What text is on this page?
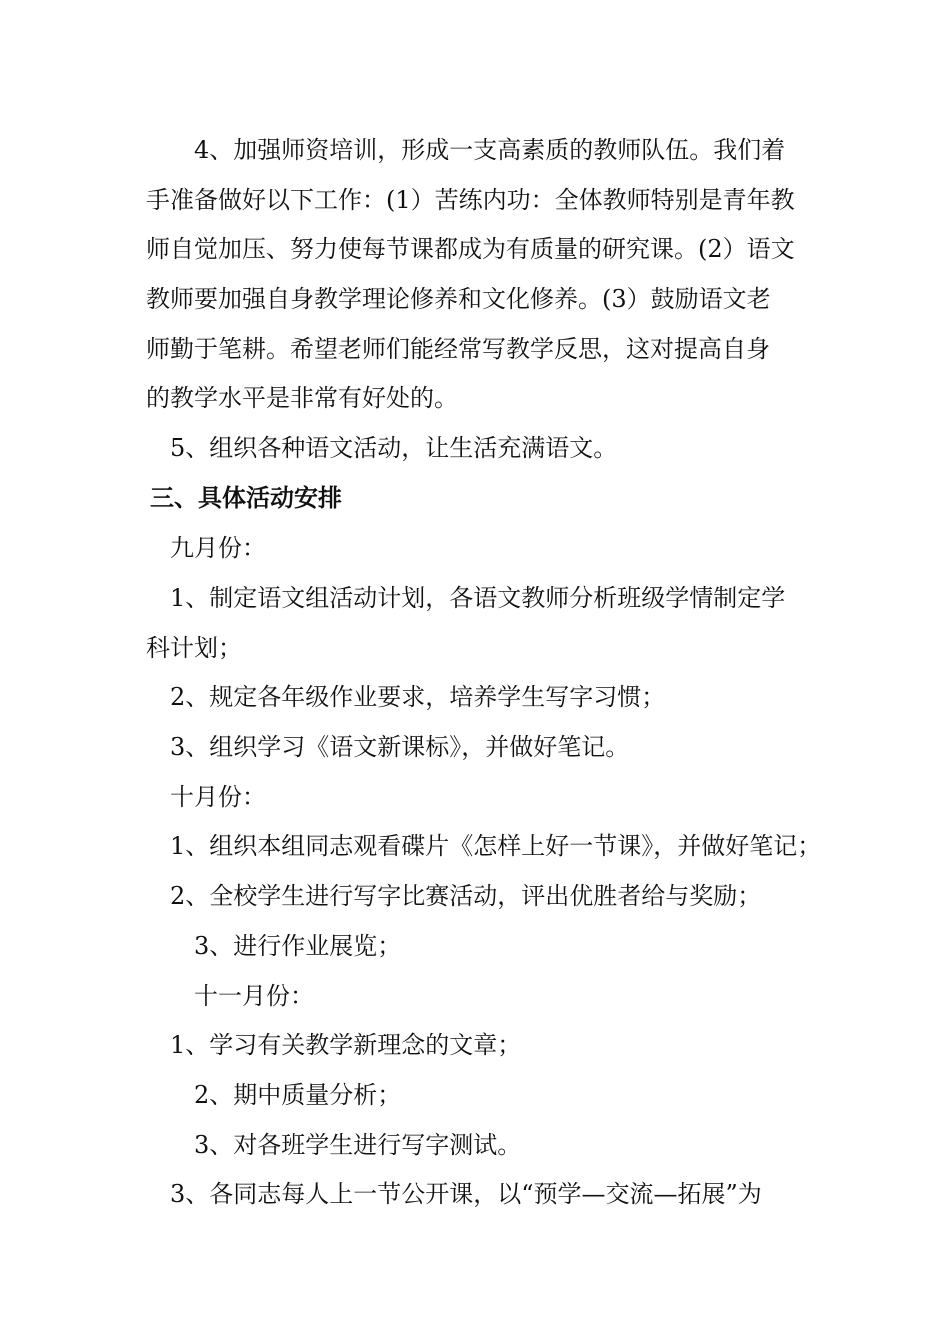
4、加强师资培训，形成一支高素质的教师队伍。我们着
手准备做好以下工作：(1）苦练内功：全体教师特别是青年教
师自觉加压、努力使每节课都成为有质量的研究课。(2）语文
教师要加强自身教学理论修养和文化修养。(3）鼓励语文老
师勤于笔耕。希望老师们能经常写教学反思，这对提高自身
的教学水平是非常有好处的。
5、组织各种语文活动，让生活充满语文。
三、具体活动安排
九月份：
1、制定语文组活动计划，各语文教师分析班级学情制定学
科计划；
2、规定各年级作业要求，培养学生写字习惯；
3、组织学习《语文新课标》，并做好笔记。
十月份：
1、组织本组同志观看碟片《怎样上好一节课》，并做好笔记；
2、全校学生进行写字比赛活动，评出优胜者给与奖励；
3、进行作业展览；
十一月份：
1、学习有关教学新理念的文章；
2、期中质量分析；
3、对各班学生进行写字测试。
3、各同志每人上一节公开课，以“预学—交流—拓展”为
